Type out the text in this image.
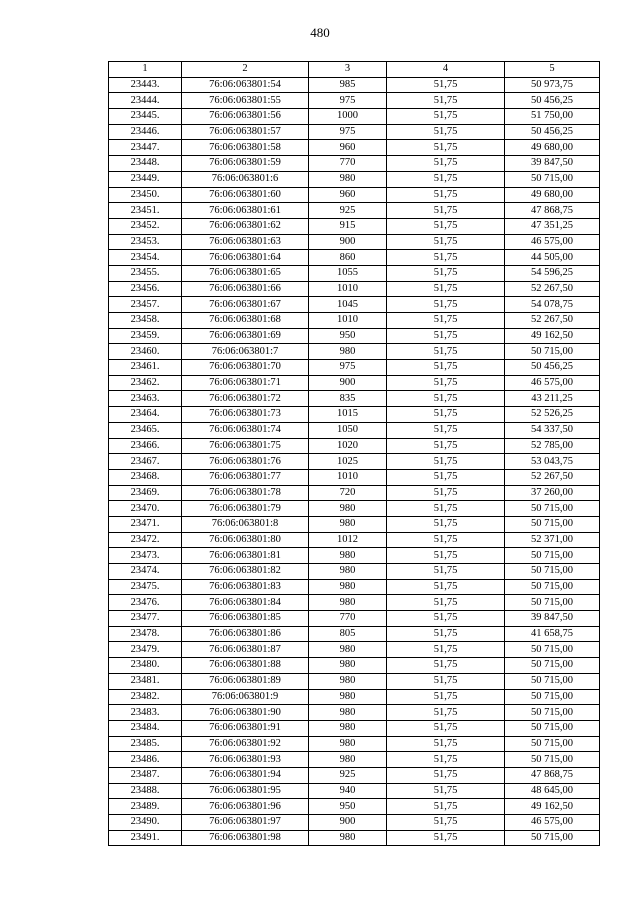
480
1	2	3	4	5
23443.	76:06:063801:54	985	51,75	50 973,75
23444.	76:06:063801:55	975	51,75	50 456,25
23445.	76:06:063801:56	1000	51,75	51 750,00
23446.	76:06:063801:57	975	51,75	50 456,25
23447.	76:06:063801:58	960	51,75	49 680,00
23448.	76:06:063801:59	770	51,75	39 847,50
23449.	76:06:063801:6	980	51,75	50 715,00
23450.	76:06:063801:60	960	51,75	49 680,00
23451.	76:06:063801:61	925	51,75	47 868,75
23452.	76:06:063801:62	915	51,75	47 351,25
23453.	76:06:063801:63	900	51,75	46 575,00
23454.	76:06:063801:64	860	51,75	44 505,00
23455.	76:06:063801:65	1055	51,75	54 596,25
23456.	76:06:063801:66	1010	51,75	52 267,50
23457.	76:06:063801:67	1045	51,75	54 078,75
23458.	76:06:063801:68	1010	51,75	52 267,50
23459.	76:06:063801:69	950	51,75	49 162,50
23460.	76:06:063801:7	980	51,75	50 715,00
23461.	76:06:063801:70	975	51,75	50 456,25
23462.	76:06:063801:71	900	51,75	46 575,00
23463.	76:06:063801:72	835	51,75	43 211,25
23464.	76:06:063801:73	1015	51,75	52 526,25
23465.	76:06:063801:74	1050	51,75	54 337,50
23466.	76:06:063801:75	1020	51,75	52 785,00
23467.	76:06:063801:76	1025	51,75	53 043,75
23468.	76:06:063801:77	1010	51,75	52 267,50
23469.	76:06:063801:78	720	51,75	37 260,00
23470.	76:06:063801:79	980	51,75	50 715,00
23471.	76:06:063801:8	980	51,75	50 715,00
23472.	76:06:063801:80	1012	51,75	52 371,00
23473.	76:06:063801:81	980	51,75	50 715,00
23474.	76:06:063801:82	980	51,75	50 715,00
23475.	76:06:063801:83	980	51,75	50 715,00
23476.	76:06:063801:84	980	51,75	50 715,00
23477.	76:06:063801:85	770	51,75	39 847,50
23478.	76:06:063801:86	805	51,75	41 658,75
23479.	76:06:063801:87	980	51,75	50 715,00
23480.	76:06:063801:88	980	51,75	50 715,00
23481.	76:06:063801:89	980	51,75	50 715,00
23482.	76:06:063801:9	980	51,75	50 715,00
23483.	76:06:063801:90	980	51,75	50 715,00
23484.	76:06:063801:91	980	51,75	50 715,00
23485.	76:06:063801:92	980	51,75	50 715,00
23486.	76:06:063801:93	980	51,75	50 715,00
23487.	76:06:063801:94	925	51,75	47 868,75
23488.	76:06:063801:95	940	51,75	48 645,00
23489.	76:06:063801:96	950	51,75	49 162,50
23490.	76:06:063801:97	900	51,75	46 575,00
23491.	76:06:063801:98	980	51,75	50 715,00
